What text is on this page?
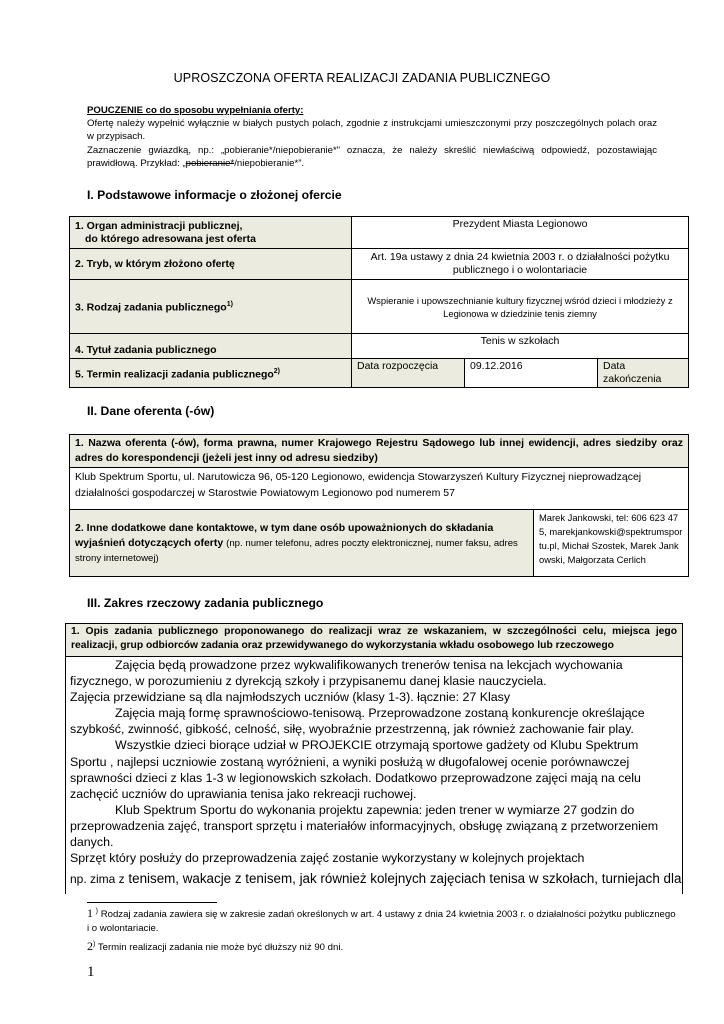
UPROSZCZONA OFERTA REALIZACJI ZADANIA PUBLICZNEGO

POUCZENIE co do sposobu wypełniania oferty:

Ofertę należy wypełnić wyłącznie w białych pustych polach, zgodnie z instrukcjami umieszczonymi przy poszczególnych polach oraz w przypisach.

Zaznaczenie gwiazdką, np.: „pobieranie*/niepobieranie*” oznacza, że należy skreślić niewłaściwą odpowiedź, pozostawiając prawidłową. Przykład: „pobieranie*/niepobieranie*”.

I. Podstawowe informacje o złożonej ofercie
1. Organ administracji publicznej,
do którego adresowana jest oferta	Prezydent Miasta Legionowo		
2. Tryb, w którym złożono ofertę	Art. 19a ustawy z dnia 24 kwietnia 2003 r. o działalności pożytku publicznego i o wolontariacie		
3. Rodzaj zadania publicznego$^{1)}$	Wspieranie i upowszechnianie kultury fizycznej wśród dzieci i młodzieży z Legionowa w dziedzinie tenis ziemny		
4. Tytuł zadania publicznego	Tenis w szkołach		
5. Termin realizacji zadania publicznego$^{2)}$	Data rozpoczęcia	09.12.2016	Data zakończenia
II. Dane oferenta (-ów)
1. Nazwa oferenta (-ów), forma prawna, numer Krajowego Rejestru Sądowego lub innej ewidencji, adres siedziby oraz adres do korespondencji (jeżeli jest inny od adresu siedziby)
Klub Spektrum Sportu, ul. Narutowicza 96, 05-120 Legionowo, ewidencja Stowarzyszeń Kultury Fizycznej nieprowadzącej działalności gospodarczej w Starostwie Powiatowym Legionowo pod numerem 57
2. Inne dodatkowe dane kontaktowe, w tym dane osób upoważnionych do składania wyjaśnień dotyczących oferty (np. numer telefonu, adres poczty elektronicznej, numer faksu, adres strony internetowej)	Marek Jankowski, tel: 606 623 475, marekjankowski@spektrumsportu.pl, Michał Szostek, Marek Jankowski, Małgorzata Cerlich
III. Zakres rzeczowy zadania publicznego
1. Opis zadania publicznego proponowanego do realizacji wraz ze wskazaniem, w szczególności celu, miejsca jego realizacji, grup odbiorców zadania oraz przewidywanego do wykorzystania wkładu osobowego lub rzeczowego

Zajęcia będą prowadzone przez wykwalifikowanych trenerów tenisa na lekcjach wychowania fizycznego, w porozumieniu z dyrekcją szkoły i przypisanemu danej klasie nauczyciela.

Zajęcia przewidziane są dla najmłodszych uczniów (klasy 1-3). łącznie: 27 Klasy

Zajęcia mają formę sprawnościowo-tenisową. Przeprowadzone zostaną konkurencje określające szybkość, zwinność, gibkość, celność, siłę, wyobraźnie przestrzenną, jak również zachowanie fair play.

Wszystkie dzieci biorące udział w PROJEKCIE otrzymają sportowe gadżety od Klubu Spektrum Sportu , najlepsi uczniowie zostaną wyróżnieni, a wyniki posłużą w długofalowej ocenie porównawczej sprawności dzieci z klas 1-3 w legionowskich szkołach. Dodatkowo przeprowadzone zajęci mają na celu zachęcić uczniów do uprawiania tenisa jako rekreacji ruchowej.

Klub Spektrum Sportu do wykonania projektu zapewnia: jeden trener w wymiarze 27 godzin do przeprowadzenia zajęć, transport sprzętu i materiałów informacyjnych, obsługę związaną z przetworzeniem danych.

Sprzęt który posłuży do przeprowadzenia zajęć zostanie wykorzystany w kolejnych projektach

np. zima z tenisem, wakacje z tenisem, jak również kolejnych zajęciach tenisa w szkołach, turniejach dla

1 ) Rodzaj zadania zawiera się w zakresie zadań określonych w art. 4 ustawy z dnia 24 kwietnia 2003 r. o działalności pożytku publicznego i o wolontariacie.

2) Termin realizacji zadania nie może być dłuższy niż 90 dni.

1
